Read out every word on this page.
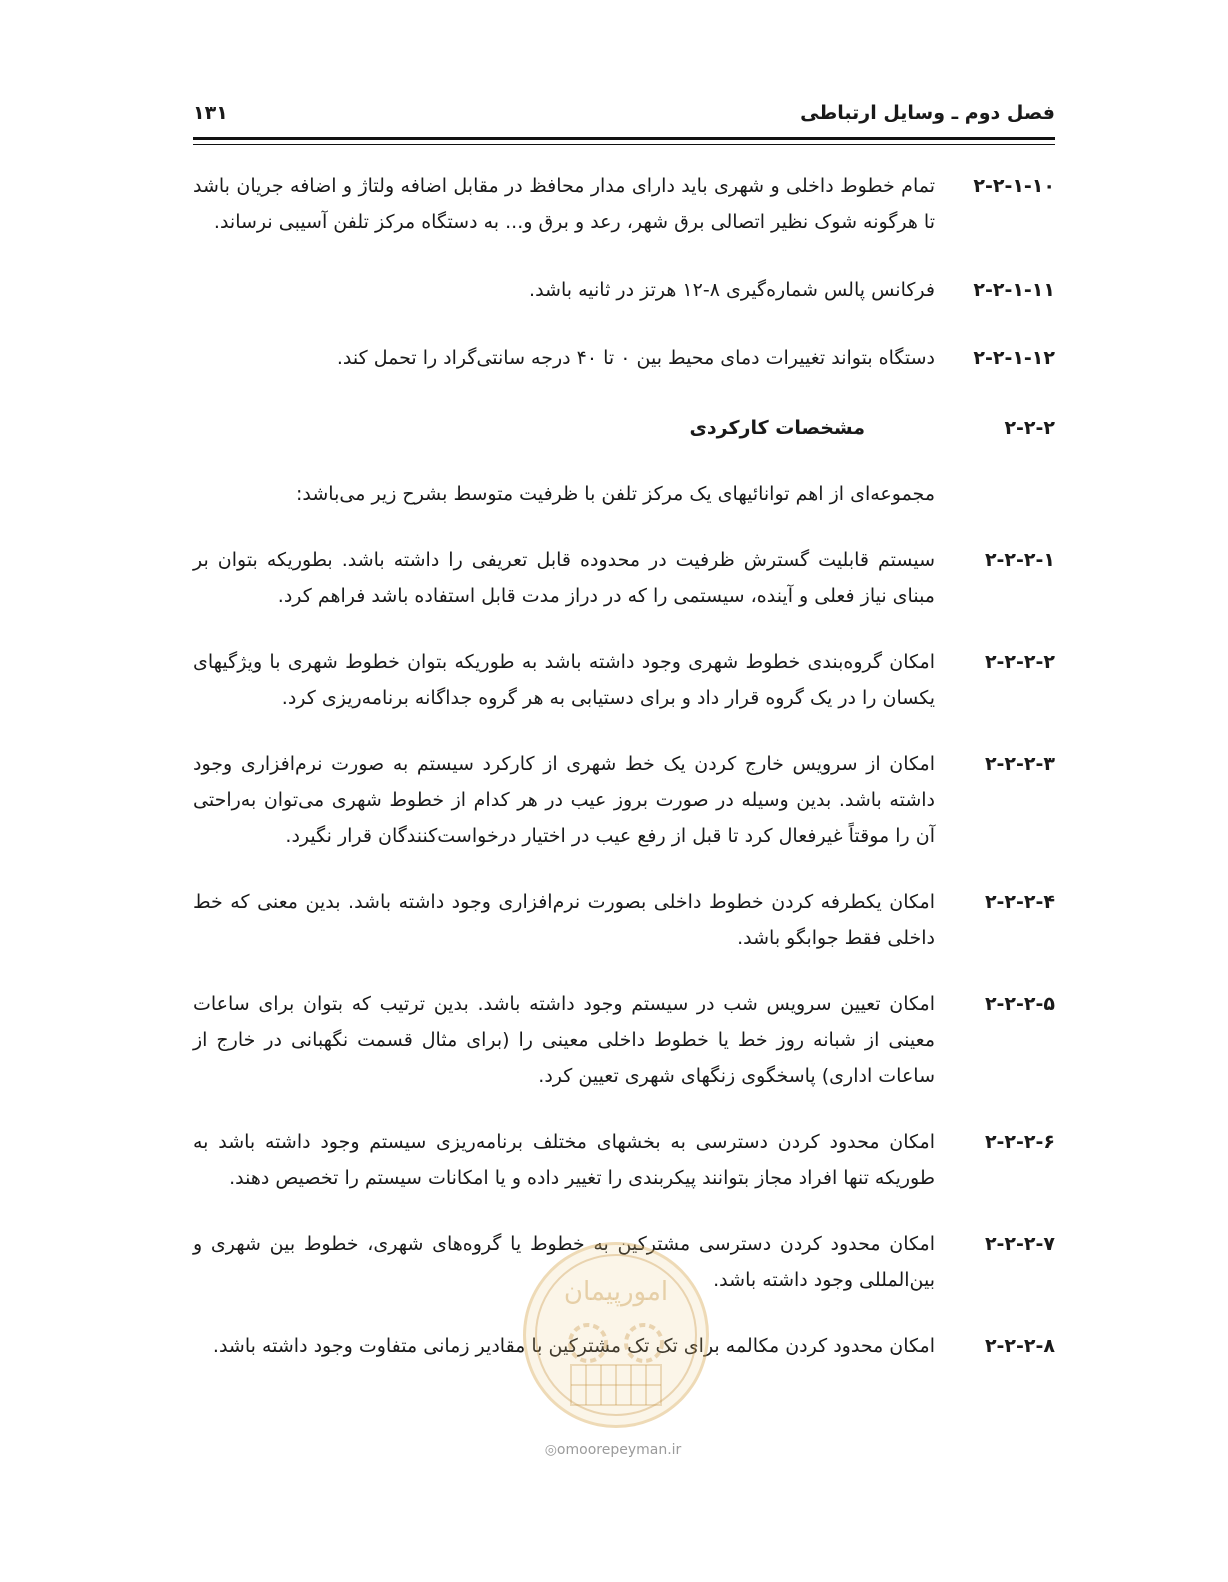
فصل دوم ـ وسایل ارتباطی
۱۳۱
۲-۲-۱-۱۰
تمام خطوط داخلی و شهری باید دارای مدار محافظ در مقابل اضافه ولتاژ و اضافه جریان باشد تا هرگونه شوک نظیر اتصالی برق شهر، رعد و برق و... به دستگاه مرکز تلفن آسیبی نرساند.
۲-۲-۱-۱۱
فرکانس پالس شماره‌گیری ۸-۱۲ هرتز در ثانیه باشد.
۲-۲-۱-۱۲
دستگاه بتواند تغییرات دمای محیط بین ۰ تا ۴۰ درجه سانتی‌گراد را تحمل کند.
۲-۲-۲
مشخصات کارکردی
مجموعه‌ای از اهم توانائیهای یک مرکز تلفن با ظرفیت متوسط بشرح زیر می‌باشد:
۲-۲-۲-۱
سیستم قابلیت گسترش ظرفیت در محدوده قابل تعریفی را داشته باشد. بطوریکه بتوان بر مبنای نیاز فعلی و آینده، سیستمی را که در دراز مدت قابل استفاده باشد فراهم کرد.
۲-۲-۲-۲
امکان گروه‌بندی خطوط شهری وجود داشته باشد به طوریکه بتوان خطوط شهری با ویژگیهای یکسان را در یک گروه قرار داد و برای دستیابی به هر گروه جداگانه برنامه‌ریزی کرد.
۲-۲-۲-۳
امکان از سرویس خارج کردن یک خط شهری از کارکرد سیستم به صورت نرم‌افزاری وجود داشته باشد. بدین وسیله در صورت بروز عیب در هر کدام از خطوط شهری می‌توان به‌راحتی آن را موقتاً غیرفعال کرد تا قبل از رفع عیب در اختیار درخواست‌کنندگان قرار نگیرد.
۲-۲-۲-۴
امکان یکطرفه کردن خطوط داخلی بصورت نرم‌افزاری وجود داشته باشد. بدین معنی که خط داخلی فقط جوابگو باشد.
۲-۲-۲-۵
امکان تعیین سرویس شب در سیستم وجود داشته باشد. بدین ترتیب که بتوان برای ساعات معینی از شبانه روز خط یا خطوط داخلی معینی را (برای مثال قسمت نگهبانی در خارج از ساعات اداری) پاسخگوی زنگهای شهری تعیین کرد.
۲-۲-۲-۶
امکان محدود کردن دسترسی به بخشهای مختلف برنامه‌ریزی سیستم وجود داشته باشد به طوریکه تنها افراد مجاز بتوانند پیکربندی را تغییر داده و یا امکانات سیستم را تخصیص دهند.
۲-۲-۲-۷
امکان محدود کردن دسترسی مشترکین به خطوط یا گروه‌های شهری، خطوط بین شهری و بین‌المللی وجود داشته باشد.
۲-۲-۲-۸
امکان محدود کردن مکالمه برای تک تک مشترکین با مقادیر زمانی متفاوت وجود داشته باشد.
امورپیمان
◎omoorepeyman.ir
